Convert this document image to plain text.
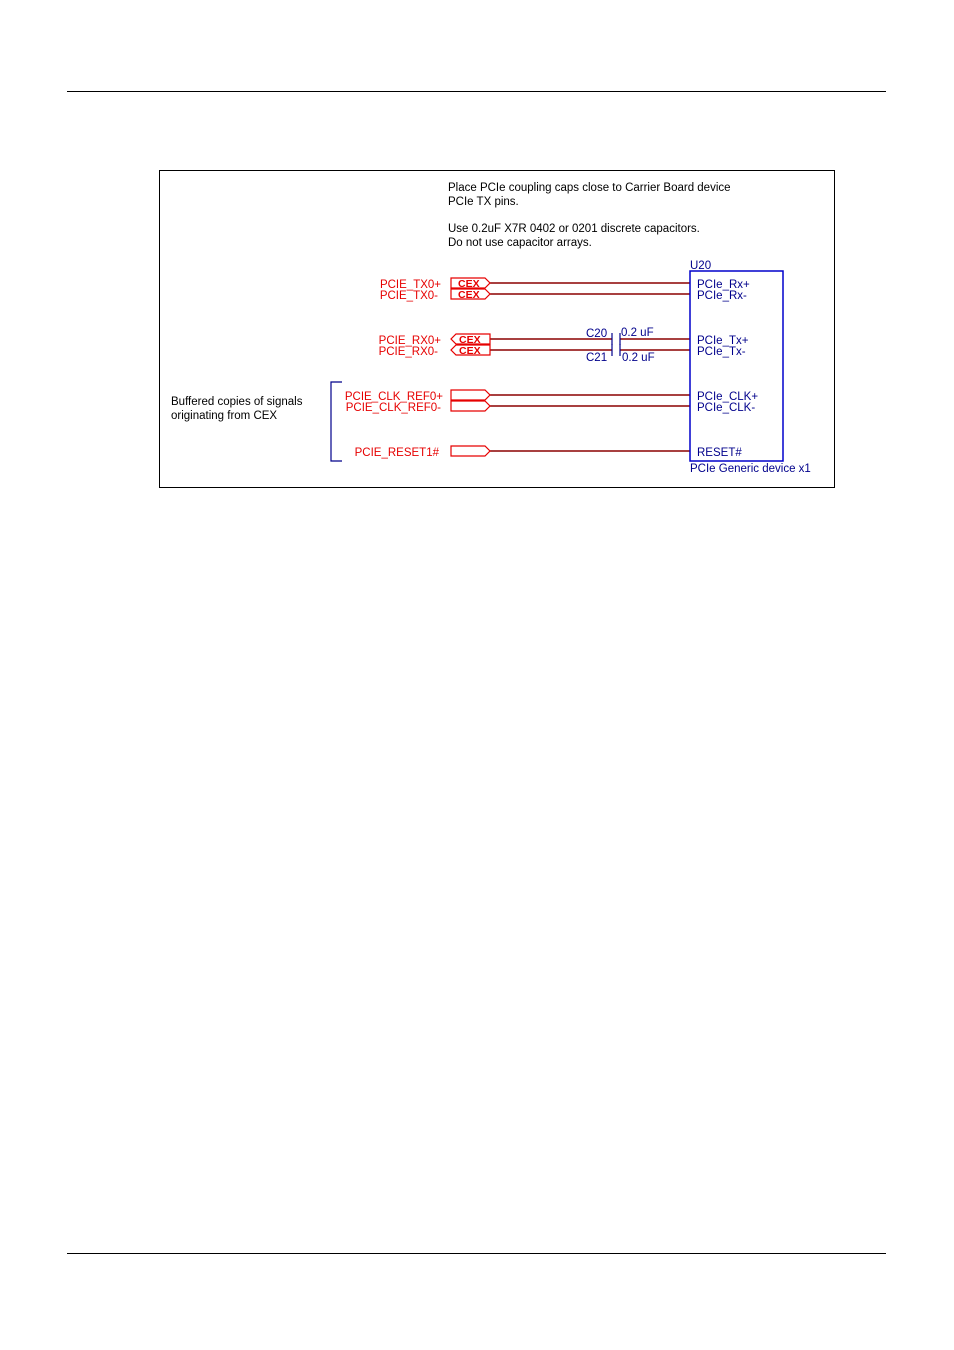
Place PCIe coupling caps close to Carrier Board device
PCIe TX pins.
Use 0.2uF X7R 0402 or 0201 discrete capacitors.
Do not use capacitor arrays.
Buffered copies of signals
originating from CEX
C20 0.2 uF
C21 0.2 uF
U20
PCIe Generic device x1
PCIe_Rx+
PCIe_Rx-
PCIe_Tx+
PCIe_Tx-
PCIe_CLK+
PCIe_CLK-
RESET#
CEX
CEX
CEX
CEX
PCIE_TX0+
PCIE_TX0-
PCIE_RX0+
PCIE_RX0-
PCIE_CLK_REF0+
PCIE_CLK_REF0-
PCIE_RESET1#
